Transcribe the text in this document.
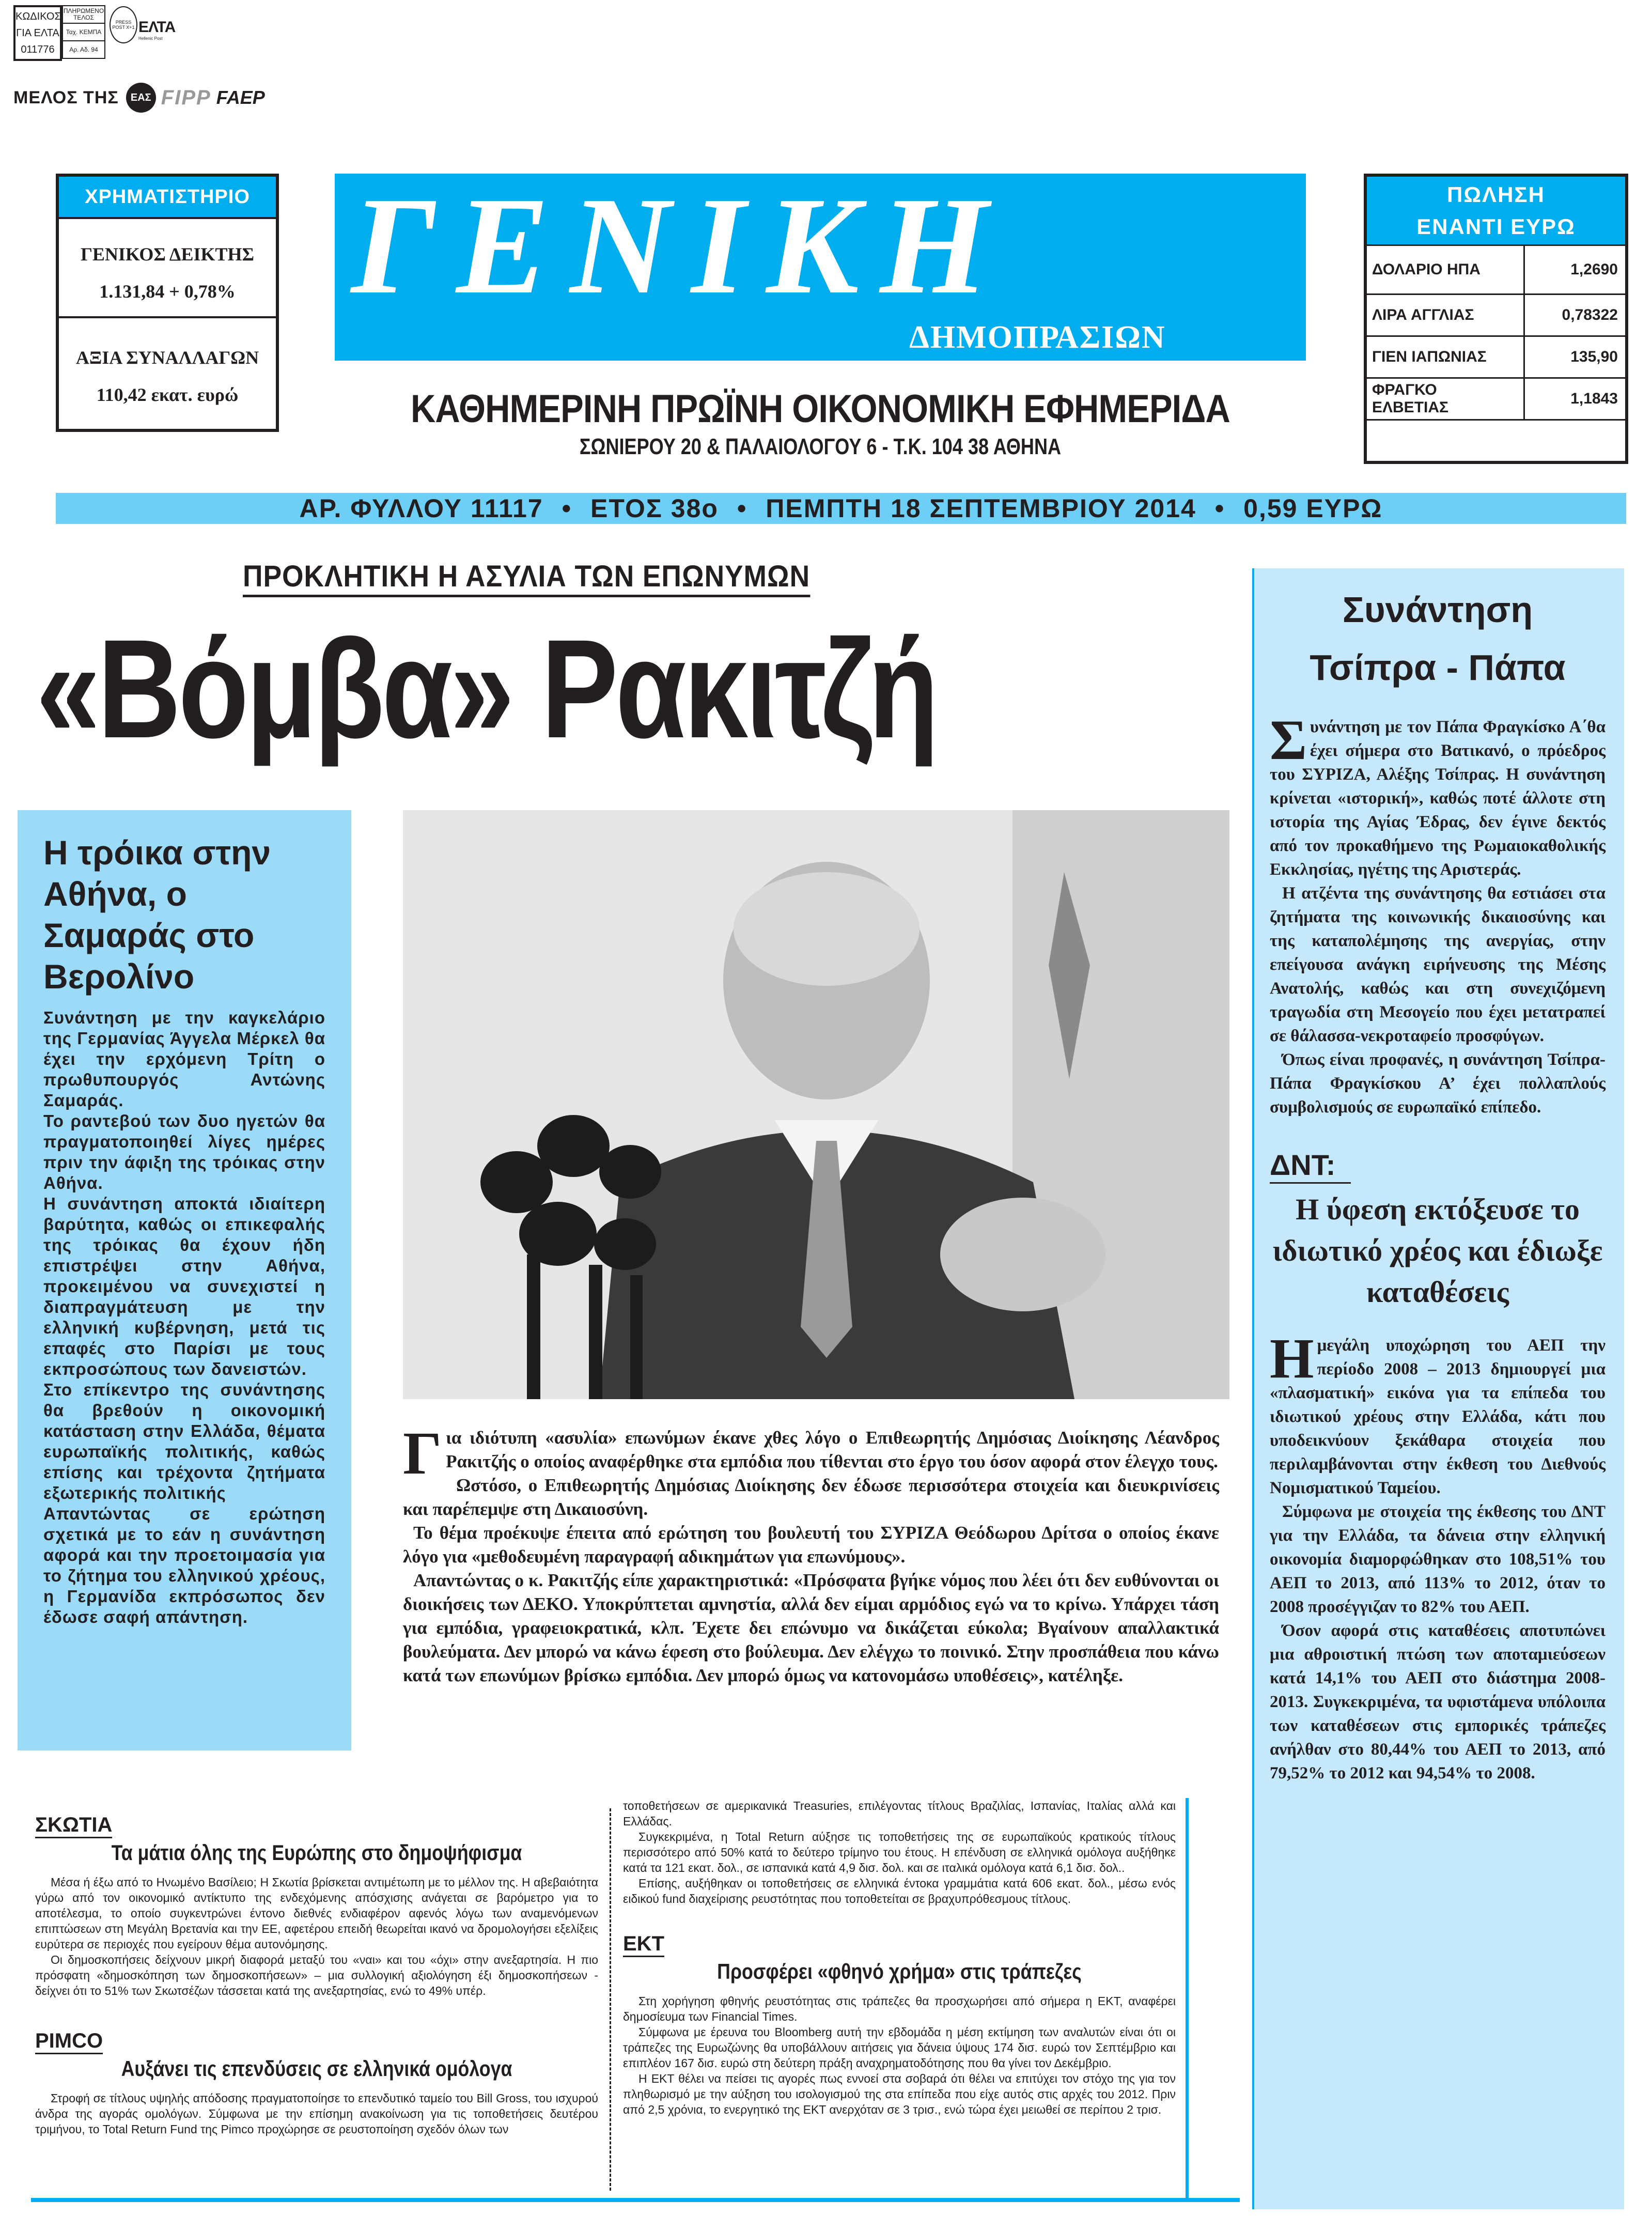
ΚΩΔΙΚΟΣ
ΓΙΑ ΕΛΤΑ
011776
ΠΛΗΡΩΜΕΝΟ ΤΕΛΟΣ
Ταχ. ΚΕΜΠΑ
Αρ. Αδ. 94
PRESS POST X+1 ΕΛΤΑ
Hellenic Post
ΜΕΛΟΣ ΤΗΣ	ΕΑΣ FIPP FAEP
ΧΡΗΜΑΤΙΣΤΗΡΙΟ
ΓΕΝΙΚΟΣ ΔΕΙΚΤΗΣ
1.131,84 + 0,78%
ΑΞΙΑ ΣΥΝΑΛΛΑΓΩΝ
110,42 εκατ. ευρώ
ΓΕΝΙΚΗ
ΔΗΜΟΠΡΑΣΙΩΝ
ΚΑΘΗΜΕΡΙΝΗ ΠΡΩΪΝΗ ΟΙΚΟΝΟΜΙΚΗ ΕΦΗΜΕΡΙΔΑ
ΣΩΝΙΕΡΟΥ 20 & ΠΑΛΑΙΟΛΟΓΟΥ 6 - Τ.Κ. 104 38 ΑΘΗΝΑ
ΠΩΛΗΣΗ
ΕΝΑΝΤΙ ΕΥΡΩ
ΔΟΛΑΡΙΟ ΗΠΑ	1,2690
ΛΙΡΑ ΑΓΓΛΙΑΣ	0,78322
ΓΙΕΝ ΙΑΠΩΝΙΑΣ	135,90
ΦΡΑΓΚΟ ΕΛΒΕΤΙΑΣ	1,1843
ΑΡ. ΦΥΛΛΟΥ 11117 • ΕΤΟΣ 38ο • ΠΕΜΠΤΗ 18 ΣΕΠΤΕΜΒΡΙΟΥ 2014 • 0,59 ΕΥΡΩ
ΠΡΟΚΛΗΤΙΚΗ Η ΑΣΥΛΙΑ ΤΩΝ ΕΠΩΝΥΜΩΝ
«Βόμβα» Ρακιτζή
Η τρόικα στην Αθήνα, ο Σαμαράς στο Βερολίνο

Συνάντηση με την καγκελάριο της Γερμανίας Άγγελα Μέρκελ θα έχει την ερχόμενη Τρίτη ο πρωθυπουργός Αντώνης Σαμαράς.

Το ραντεβού των δυο ηγετών θα πραγματοποιηθεί λίγες ημέρες πριν την άφιξη της τρόικας στην Αθήνα.

Η συνάντηση αποκτά ιδιαίτερη βαρύτητα, καθώς οι επικεφαλής της τρόικας θα έχουν ήδη επιστρέψει στην Αθήνα, προκειμένου να συνεχιστεί η διαπραγμάτευση με την ελληνική κυβέρνηση, μετά τις επαφές στο Παρίσι με τους εκπροσώπους των δανειστών.

Στο επίκεντρο της συνάντησης θα βρεθούν η οικονομική κατάσταση στην Ελλάδα, θέματα ευρωπαϊκής πολιτικής, καθώς επίσης και τρέχοντα ζητήματα εξωτερικής πολιτικής

Απαντώντας σε ερώτηση σχετικά με το εάν η συνάντηση αφορά και την προετοιμασία για το ζήτημα του ελληνικού χρέους, η Γερμανίδα εκπρόσωπος δεν έδωσε σαφή απάντηση.

Για ιδιότυπη «ασυλία» επωνύμων έκανε χθες λόγο ο Επιθεωρητής Δημόσιας Διοίκησης Λέανδρος Ρακιτζής ο οποίος αναφέρθηκε στα εμπόδια που τίθενται στο έργο του όσον αφορά στον έλεγχο τους.

Ωστόσο, ο Επιθεωρητής Δημόσιας Διοίκησης δεν έδωσε περισσότερα στοιχεία και διευκρινίσεις και παρέπεμψε στη Δικαιοσύνη.

Το θέμα προέκυψε έπειτα από ερώτηση του βουλευτή του ΣΥΡΙΖΑ Θεόδωρου Δρίτσα ο οποίος έκανε λόγο για «μεθοδευμένη παραγραφή αδικημάτων για επωνύμους».

Απαντώντας ο κ. Ρακιτζής είπε χαρακτηριστικά: «Πρόσφατα βγήκε νόμος που λέει ότι δεν ευθύνονται οι διοικήσεις των ΔΕΚΟ. Υποκρύπτεται αμνηστία, αλλά δεν είμαι αρμόδιος εγώ να το κρίνω. Υπάρχει τάση για εμπόδια, γραφειοκρατικά, κλπ. Έχετε δει επώνυμο να δικάζεται εύκολα; Βγαίνουν απαλλακτικά βουλεύματα. Δεν μπορώ να κάνω έφεση στο βούλευμα. Δεν ελέγχω το ποινικό. Στην προσπάθεια που κάνω κατά των επωνύμων βρίσκω εμπόδια. Δεν μπορώ όμως να κατονομάσω υποθέσεις», κατέληξε.

Συνάντηση
Τσίπρα - Πάπα

Συνάντηση με τον Πάπα Φραγκίσκο Α΄θα έχει σήμερα στο Βατικανό, ο πρόεδρος του ΣΥΡΙΖΑ, Αλέξης Τσίπρας. Η συνάντηση κρίνεται «ιστορική», καθώς ποτέ άλλοτε στη ιστορία της Αγίας Έδρας, δεν έγινε δεκτός από τον προκαθήμενο της Ρωμαιοκαθολικής Εκκλησίας, ηγέτης της Αριστεράς.

Η ατζέντα της συνάντησης θα εστιάσει στα ζητήματα της κοινωνικής δικαιοσύνης και της καταπολέμησης της ανεργίας, στην επείγουσα ανάγκη ειρήνευσης της Μέσης Ανατολής, καθώς και στη συνεχιζόμενη τραγωδία στη Μεσογείο που έχει μετατραπεί σε θάλασσα-νεκροταφείο προσφύγων.

Όπως είναι προφανές, η συνάντηση Τσίπρα-Πάπα Φραγκίσκου Α’ έχει πολλαπλούς συμβολισμούς σε ευρωπαϊκό επίπεδο.

ΔΝΤ:
Η ύφεση εκτόξευσε το ιδιωτικό χρέος και έδιωξε καταθέσεις

Ημεγάλη υποχώρηση του ΑΕΠ την περίοδο 2008 – 2013 δημιουργεί μια «πλασματική» εικόνα για τα επίπεδα του ιδιωτικού χρέους στην Ελλάδα, κάτι που υποδεικνύουν ξεκάθαρα στοιχεία που περιλαμβάνονται στην έκθεση του Διεθνούς Νομισματικού Ταμείου.

Σύμφωνα με στοιχεία της έκθεσης του ΔΝΤ για την Ελλάδα, τα δάνεια στην ελληνική οικονομία διαμορφώθηκαν στο 108,51% του ΑΕΠ το 2013, από 113% το 2012, όταν το 2008 προσέγγιζαν το 82% του ΑΕΠ.

Όσον αφορά στις καταθέσεις αποτυπώνει μια αθροιστική πτώση των αποταμιεύσεων κατά 14,1% του ΑΕΠ στο διάστημα 2008-2013. Συγκεκριμένα, τα υφιστάμενα υπόλοιπα των καταθέσεων στις εμπορικές τράπεζες ανήλθαν στο 80,44% του ΑΕΠ το 2013, από 79,52% το 2012 και 94,54% το 2008.

ΣΚΩΤΙΑ
Τα μάτια όλης της Ευρώπης στο δημοψήφισμα

Μέσα ή έξω από το Ηνωμένο Βασίλειο; Η Σκωτία βρίσκεται αντιμέτωπη με το μέλλον της. Η αβεβαιότητα γύρω από τον οικονομικό αντίκτυπο της ενδεχόμενης απόσχισης ανάγεται σε βαρόμετρο για το αποτέλεσμα, το οποίο συγκεντρώνει έντονο διεθνές ενδιαφέρον αφενός λόγω των αναμενόμενων επιπτώσεων στη Μεγάλη Βρετανία και την ΕΕ, αφετέρου επειδή θεωρείται ικανό να δρομολογήσει εξελίξεις ευρύτερα σε περιοχές που εγείρουν θέμα αυτονόμησης.

Οι δημοσκοπήσεις δείχνουν μικρή διαφορά μεταξύ του «ναι» και του «όχι» στην ανεξαρτησία. Η πιο πρόσφατη «δημοσκόπηση των δημοσκοπήσεων» – μια συλλογική αξιολόγηση έξι δημοσκοπήσεων - δείχνει ότι το 51% των Σκωτσέζων τάσσεται κατά της ανεξαρτησίας, ενώ το 49% υπέρ.

PIMCO
Αυξάνει τις επενδύσεις σε ελληνικά ομόλογα

Στροφή σε τίτλους υψηλής απόδοσης πραγματοποίησε το επενδυτικό ταμείο του Bill Gross, του ισχυρού άνδρα της αγοράς ομολόγων. Σύμφωνα με την επίσημη ανακοίνωση για τις τοποθετήσεις δευτέρου τριμήνου, το Total Return Fund της Pimco προχώρησε σε ρευστοποίηση σχεδόν όλων των

τοποθετήσεων σε αμερικανικά Treasuries, επιλέγοντας τίτλους Βραζιλίας, Ισπανίας, Ιταλίας αλλά και Ελλάδας.

Συγκεκριμένα, η Total Return αύξησε τις τοποθετήσεις της σε ευρωπαϊκούς κρατικούς τίτλους περισσότερο από 50% κατά το δεύτερο τρίμηνο του έτους. Η επένδυση σε ελληνικά ομόλογα αυξήθηκε κατά τα 121 εκατ. δολ., σε ισπανικά κατά 4,9 δισ. δολ. και σε ιταλικά ομόλογα κατά 6,1 δισ. δολ..

Επίσης, αυξήθηκαν οι τοποθετήσεις σε ελληνικά έντοκα γραμμάτια κατά 606 εκατ. δολ., μέσω ενός ειδικού fund διαχείρισης ρευστότητας που τοποθετείται σε βραχυπρόθεσμους τίτλους.

ΕΚΤ
Προσφέρει «φθηνό χρήμα» στις τράπεζες

Στη χορήγηση φθηνής ρευστότητας στις τράπεζες θα προσχωρήσει από σήμερα η ΕΚΤ, αναφέρει δημοσίευμα των Financial Times.

Σύμφωνα με έρευνα του Bloomberg αυτή την εβδομάδα η μέση εκτίμηση των αναλυτών είναι ότι οι τράπεζες της Ευρωζώνης θα υποβάλλουν αιτήσεις για δάνεια ύψους 174 δισ. ευρώ τον Σεπτέμβριο και επιπλέον 167 δισ. ευρώ στη δεύτερη πράξη αναχρηματοδότησης που θα γίνει τον Δεκέμβριο.

Η ΕΚΤ θέλει να πείσει τις αγορές πως εννοεί στα σοβαρά ότι θέλει να επιτύχει τον στόχο της για τον πληθωρισμό με την αύξηση του ισολογισμού της στα επίπεδα που είχε αυτός στις αρχές του 2012. Πριν από 2,5 χρόνια, το ενεργητικό της ΕΚΤ ανερχόταν σε 3 τρισ., ενώ τώρα έχει μειωθεί σε περίπου 2 τρισ.
